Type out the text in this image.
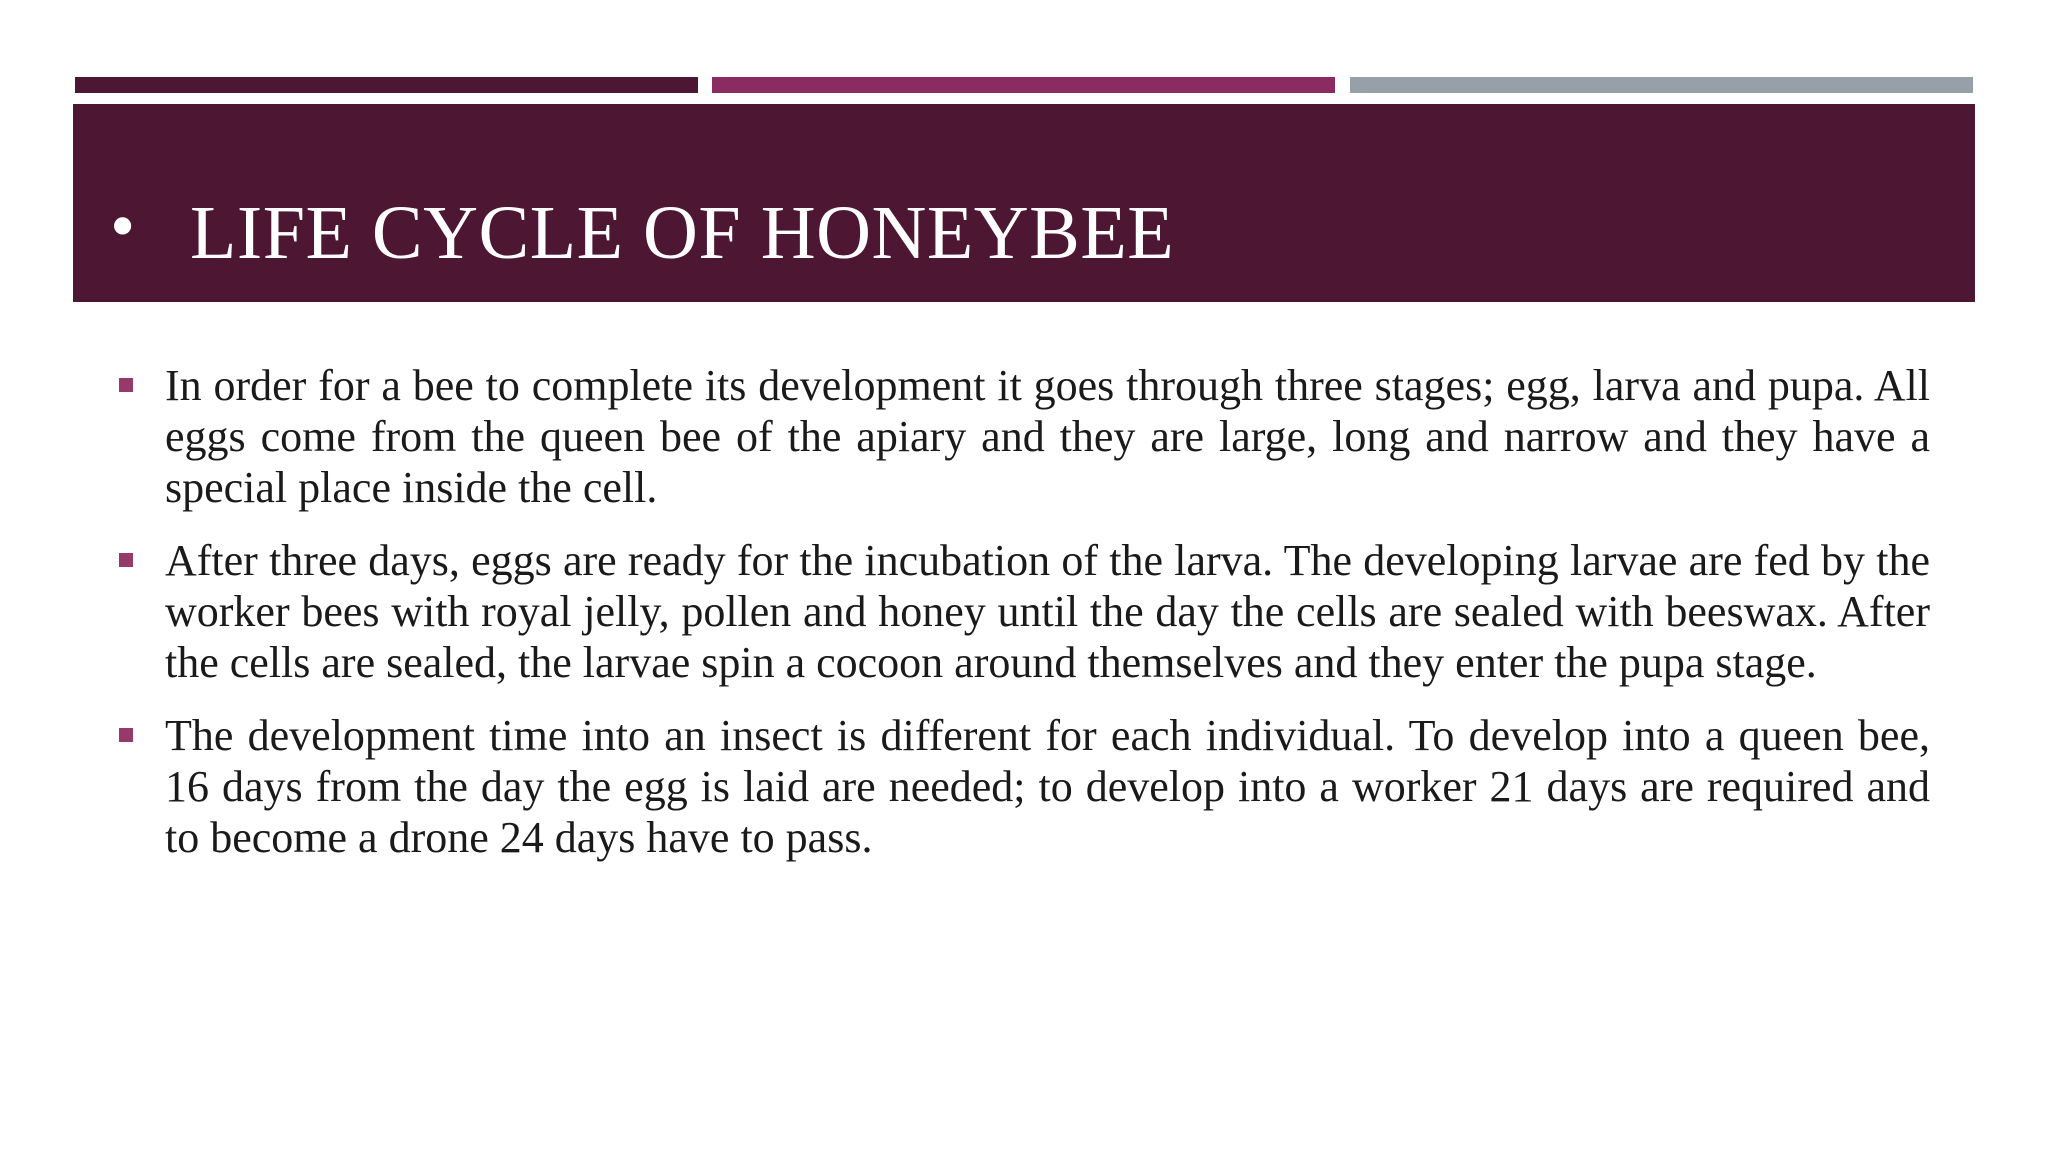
• LIFE CYCLE OF HONEYBEE
In order for a bee to complete its development it goes through three stages; egg, larva and pupa. All eggs come from the queen bee of the apiary and they are large, long and narrow and they have a special place inside the cell.
After three days, eggs are ready for the incubation of the larva. The developing larvae are fed by the worker bees with royal jelly, pollen and honey until the day the cells are sealed with beeswax. After the cells are sealed, the larvae spin a cocoon around themselves and they enter the pupa stage.
The development time into an insect is different for each individual. To develop into a queen bee, 16 days from the day the egg is laid are needed; to develop into a worker 21 days are required and to become a drone 24 days have to pass.
